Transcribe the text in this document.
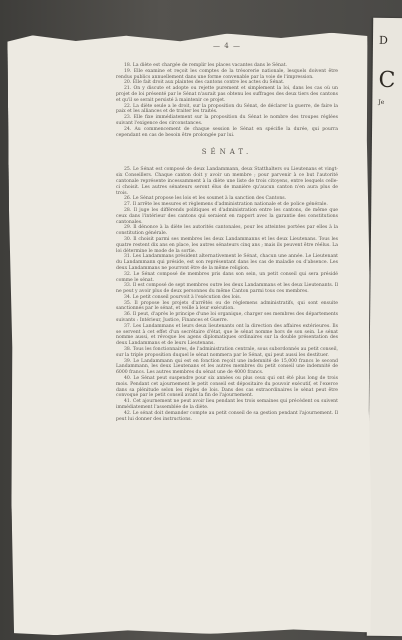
D
C
Je
— 4 —

18. La diète est chargée de remplir les places vacantes dans le Sénat.

19. Elle examine et reçoit les comptes de la trésorerie nationale, lesquels doivent être rendus publics annuellement dans une forme convenable par la voie de l'impression.

20. Elle fait droit aux plaintes des cantons contre les actes du Sénat.

21. On y discute et adopte ou rejette purement et simplement la loi, dans les cas où un projet de loi présenté par le Sénat n'aurait pas obtenu les suffrages des deux tiers des cantons et qu'il se serait persisté à maintenir ce projet.

22. La diète seule a le droit, sur la proposition du Sénat, de déclarer la guerre, de faire la paix et les alliances et de traiter les traités.

23. Elle fixe immédiatement sur la proposition du Sénat le nombre des troupes réglées suivant l'exigence des circonstances.

24. Au commencement de chaque session le Sénat en spécifie la durée, qui pourra cependant en cas de besoin être prolongée par lui.

SÉNAT.

25. Le Sénat est composé de deux Landammann, deux Statthalters ou Lieutenans et vingt-six Conseillers. Chaque canton doit y avoir un membre ; pour parvenir à ce but l'autorité cantonale représente incessamment à la diète une liste de trois citoyens, entre lesquels celle-ci choisit. Les autres sénateurs seront élus de manière qu'aucun canton n'en aura plus de trois.

26. Le Sénat propose les lois et les soumet à la sanction des Cantons.

27. Il arrête les mesures et règlemens d'administration nationale et de police générale.

28. Il juge les différends politiques et d'administration entre les cantons, de même que ceux dans l'intérieur des cantons qui seraient en rapport avec la garantie des constitutions cantonales.

29. Il dénonce à la diète les autorités cantonales, pour les atteintes portées par elles à la constitution générale.

30. Il choisit parmi ses membres les deux Landammanns et les deux Lieutenans. Tous les quatre restent dix ans en place, les autres sénateurs cinq ans ; mais ils peuvent être réélus. La loi détermine le mode de la sortie.

31. Les Landammans président alternativement le Sénat, chacun une année. Le Lieutenant du Landammann qui préside, est son représentant dans les cas de maladie ou d'absence. Les deux Landammans ne pourront être de la même religion.

32. Le Sénat composé de membres pris dans son sein, un petit conseil qui sera présidé comme le sénat.

33. Il est composé de sept membres outre les deux Landammans et les deux Lieutenants. Il ne peut y avoir plus de deux personnes du même Canton parmi tous ces membres.

34. Le petit conseil pourvoit à l'exécution des lois.

35. Il propose les projets d'arrêtés ou de règlemens administratifs, qui sont ensuite sanctionnés par le sénat, et veille à leur exécution.

36. Il peut, d'après le principe d'une loi organique, charger ses membres des départements suivants : Intérieur, Justice, Finances et Guerre.

37. Les Landammans et leurs deux lieutenants ont la direction des affaires extérieures. Ils se servent à cet effet d'un secrétaire d'état, que le sénat nomme hors de son sein. Le sénat nomme aussi, et révoque les agens diplomatiques ordinaires sur la double présentation des deux Landammans et de leurs Lieutenans.

38. Tous les fonctionnaires, de l'administration centrale, sous subordonnés au petit conseil, sur la triple proposition duquel le sénat nommera par le Sénat, qui peut aussi les destituer.

39. Le Landammann qui est en fonction reçoit une indemnité de 15,000 francs le second Landammann, les deux Lieutenans et les autres membres du petit conseil une indemnité de 6000 francs. Les autres membres du sénat une de 4000 francs.

40. Le Sénat peut suspendre pour six années ou plus ceux qui ont été plus long de trois mois. Pendant cet ajournement le petit conseil est dépositaire du pouvoir exécutif, et l'exerce dans sa plénitude selon les règles de lois. Dans des cas extraordinaires le sénat peut être convoqué par le petit conseil avant la fin de l'ajournement.

41. Cet ajournement ne peut avoir lieu pendant les trois semaines qui précèdent ou suivent immédiatement l'assemblée de la diète.

42. Le sénat doit demander compte au petit conseil de sa gestion pendant l'ajournement. Il peut lui donner des instructions.
